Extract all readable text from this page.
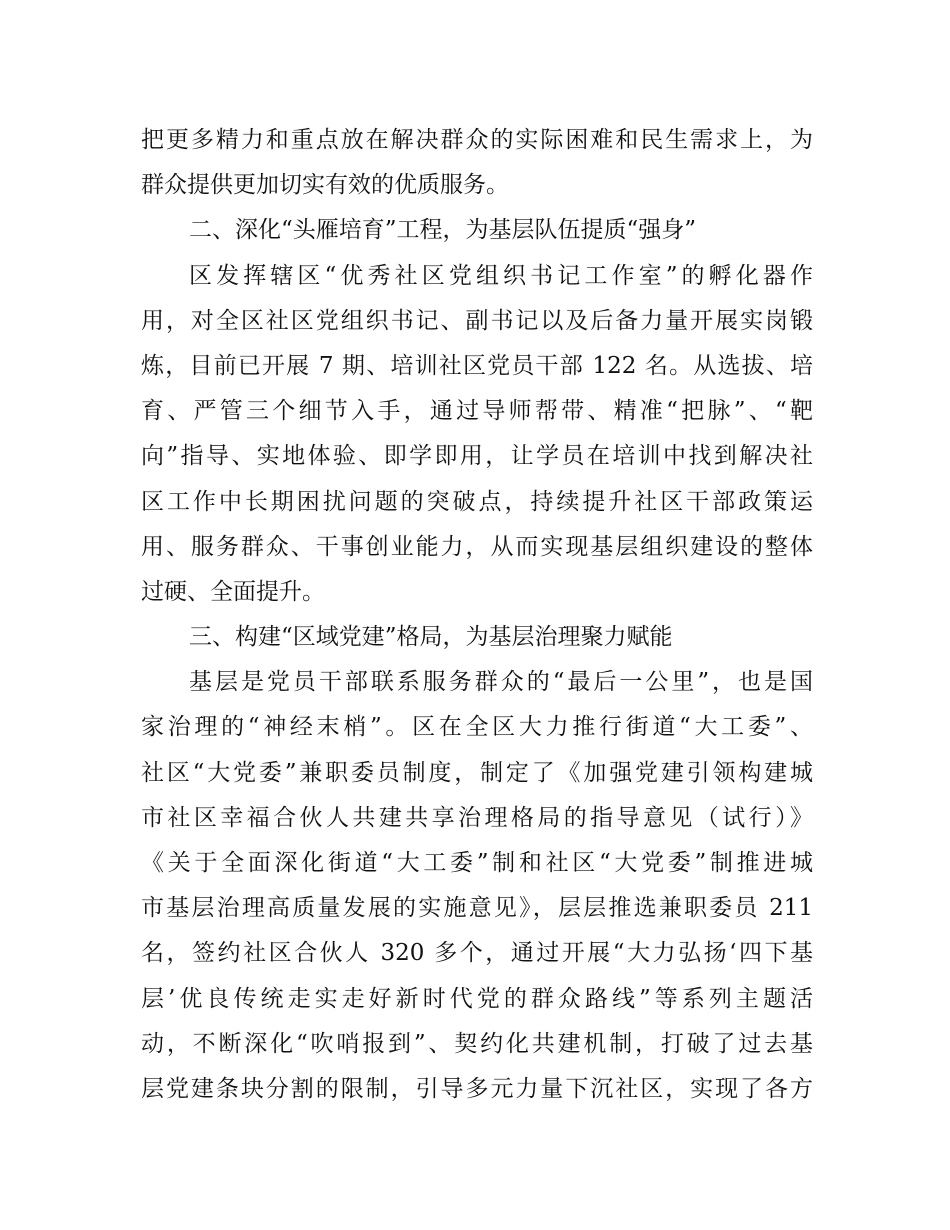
把更多精力和重点放在解决群众的实际困难和民生需求上，为
群众提供更加切实有效的优质服务。
二、深化“头雁培育”工程，为基层队伍提质“强身”
区发挥辖区“优秀社区党组织书记工作室”的孵化器作
用，对全区社区党组织书记、副书记以及后备力量开展实岗锻
炼，目前已开展 7 期、培训社区党员干部 122 名。从选拔、培
育、严管三个细节入手，通过导师帮带、精准“把脉”、“靶
向”指导、实地体验、即学即用，让学员在培训中找到解决社
区工作中长期困扰问题的突破点，持续提升社区干部政策运
用、服务群众、干事创业能力，从而实现基层组织建设的整体
过硬、全面提升。
三、构建“区域党建”格局，为基层治理聚力赋能
基层是党员干部联系服务群众的“最后一公里”，也是国
家治理的“神经末梢”。区在全区大力推行街道“大工委”、
社区“大党委”兼职委员制度，制定了《加强党建引领构建城
市社区幸福合伙人共建共享治理格局的指导意见（试行）》
《关于全面深化街道“大工委”制和社区“大党委”制推进城
市基层治理高质量发展的实施意见》，层层推选兼职委员 211
名，签约社区合伙人 320 多个，通过开展“大力弘扬‘四下基
层’优良传统走实走好新时代党的群众路线”等系列主题活
动，不断深化“吹哨报到”、契约化共建机制，打破了过去基
层党建条块分割的限制，引导多元力量下沉社区，实现了各方
